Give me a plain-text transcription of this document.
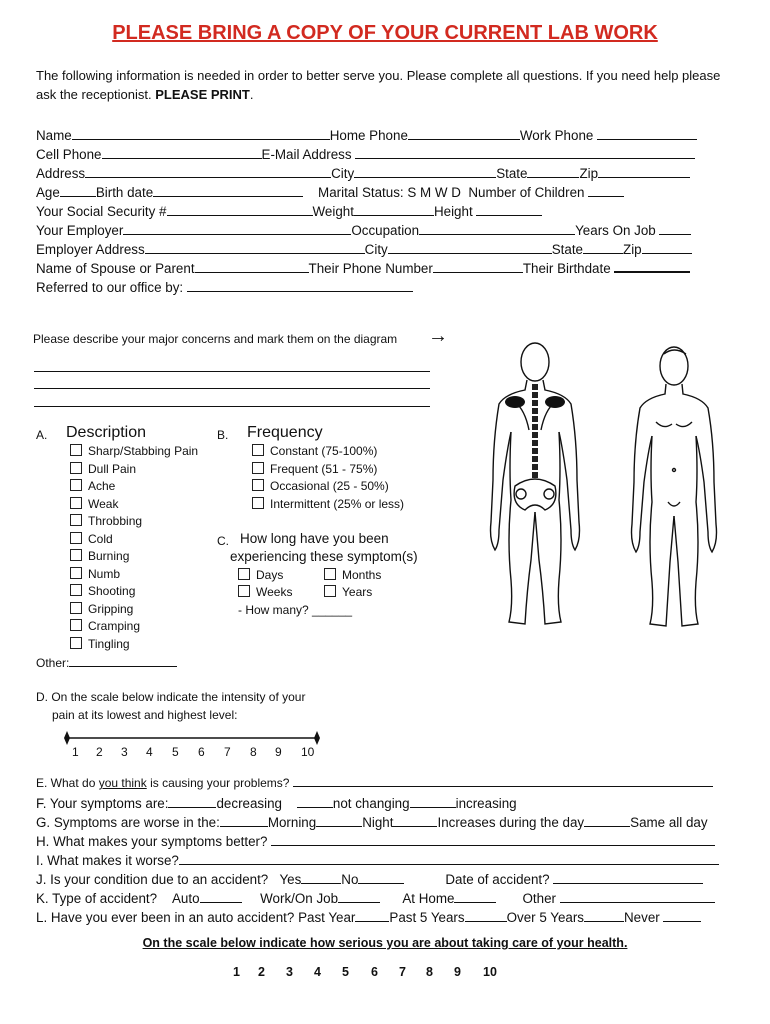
PLEASE BRING A COPY OF YOUR CURRENT LAB WORK
The following information is needed in order to better serve you. Please complete all questions. If you need help please ask the receptionist. PLEASE PRINT.
Name	Home Phone	Work Phone
Cell Phone	E-Mail Address
Address	City	State	Zip
Age	Birth date	Marital Status: S M W D Number of Children
Your Social Security #	Weight	Height
Your Employer	Occupation	Years On Job
Employer Address	City	State	Zip
Name of Spouse or Parent	Their Phone Number	Their Birthdate
Referred to our office by:
Please describe your major concerns and mark them on the diagram →
A. Description
Sharp/Stabbing Pain
Dull Pain
Ache
Weak
Throbbing
Cold
Burning
Numb
Shooting
Gripping
Cramping
Tingling
Other:
B. Frequency
Constant (75-100%)
Frequent (51 - 75%)
Occasional (25 - 50%)
Intermittent (25% or less)
C. How long have you been
experiencing these symptom(s)
Days	Months
Weeks	Years
- How many? ______
D. On the scale below indicate the intensity of your
pain at its lowest and highest level:
1 2 3 4 5 6 7 8 9 10
E. What do you think is causing your problems?
F. Your symptoms are:	decreasing	not changing	increasing
G. Symptoms are worse in the:	Morning	Night	Increases during the day	Same all day
H. What makes your symptoms better?
I. What makes it worse?
J. Is your condition due to an accident? Yes	No	Date of accident?
K. Type of accident? Auto	Work/On Job	At Home	Other
L. Have you ever been in an auto accident? Past Year	Past 5 Years	Over 5 Years	Never
On the scale below indicate how serious you are about taking care of your health.
1 2 3 4 5 6 7 8 9 10
